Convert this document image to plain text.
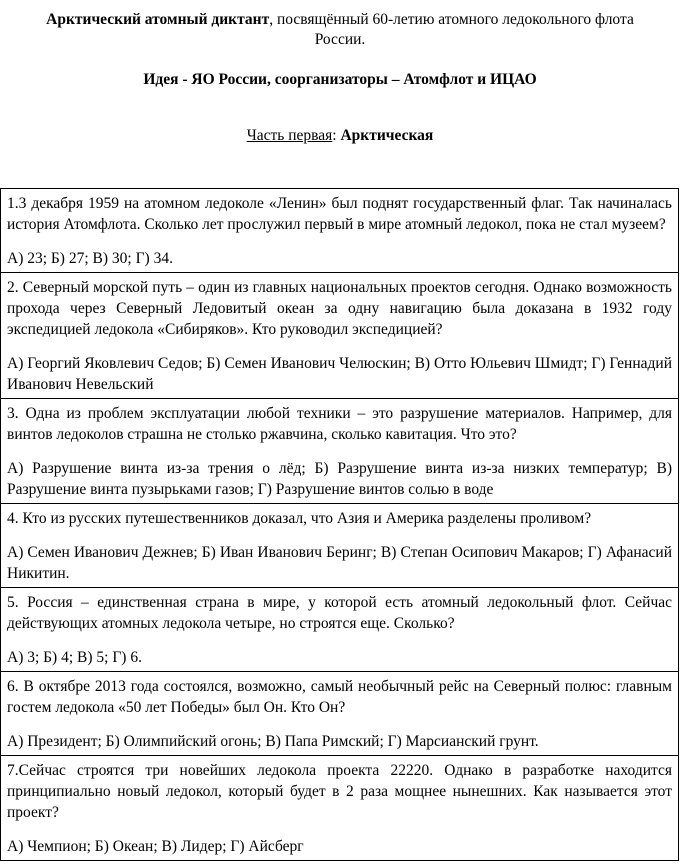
Арктический атомный диктант, посвящённый 60-летию атомного ледокольного флота России.
Идея - ЯО России, соорганизаторы – Атомфлот и ИЦАО
Часть первая: Арктическая
1.3 декабря 1959 на атомном ледоколе «Ленин» был поднят государственный флаг. Так начиналась история Атомфлота. Сколько лет прослужил первый в мире атомный ледокол, пока не стал музеем?
А) 23; Б) 27; В) 30; Г) 34.

2. Северный морской путь – один из главных национальных проектов сегодня. Однако возможность прохода через Северный Ледовитый океан за одну навигацию была доказана в 1932 году экспедицией ледокола «Сибиряков». Кто руководил экспедицией?
А) Георгий Яковлевич Седов; Б) Семен Иванович Челюскин; В) Отто Юльевич Шмидт; Г) Геннадий Иванович Невельский

3. Одна из проблем эксплуатации любой техники – это разрушение материалов. Например, для винтов ледоколов страшна не столько ржавчина, сколько кавитация. Что это?
А) Разрушение винта из-за трения о лёд; Б) Разрушение винта из-за низких температур; В) Разрушение винта пузырьками газов; Г) Разрушение винтов солью в воде

4. Кто из русских путешественников доказал, что Азия и Америка разделены проливом?
А) Семен Иванович Дежнев; Б) Иван Иванович Беринг; В) Степан Осипович Макаров; Г) Афанасий Никитин.

5. Россия – единственная страна в мире, у которой есть атомный ледокольный флот. Сейчас действующих атомных ледокола четыре, но строятся еще. Сколько?
А) 3; Б) 4; В) 5; Г) 6.

6. В октябре 2013 года состоялся, возможно, самый необычный рейс на Северный полюс: главным гостем ледокола «50 лет Победы» был Он. Кто Он?
А) Президент; Б) Олимпийский огонь; В) Папа Римский; Г) Марсианский грунт.

7.Сейчас строятся три новейших ледокола проекта 22220. Однако в разработке находится принципиально новый ледокол, который будет в 2 раза мощнее нынешних. Как называется этот проект?
А) Чемпион; Б) Океан; В) Лидер; Г) Айсберг
